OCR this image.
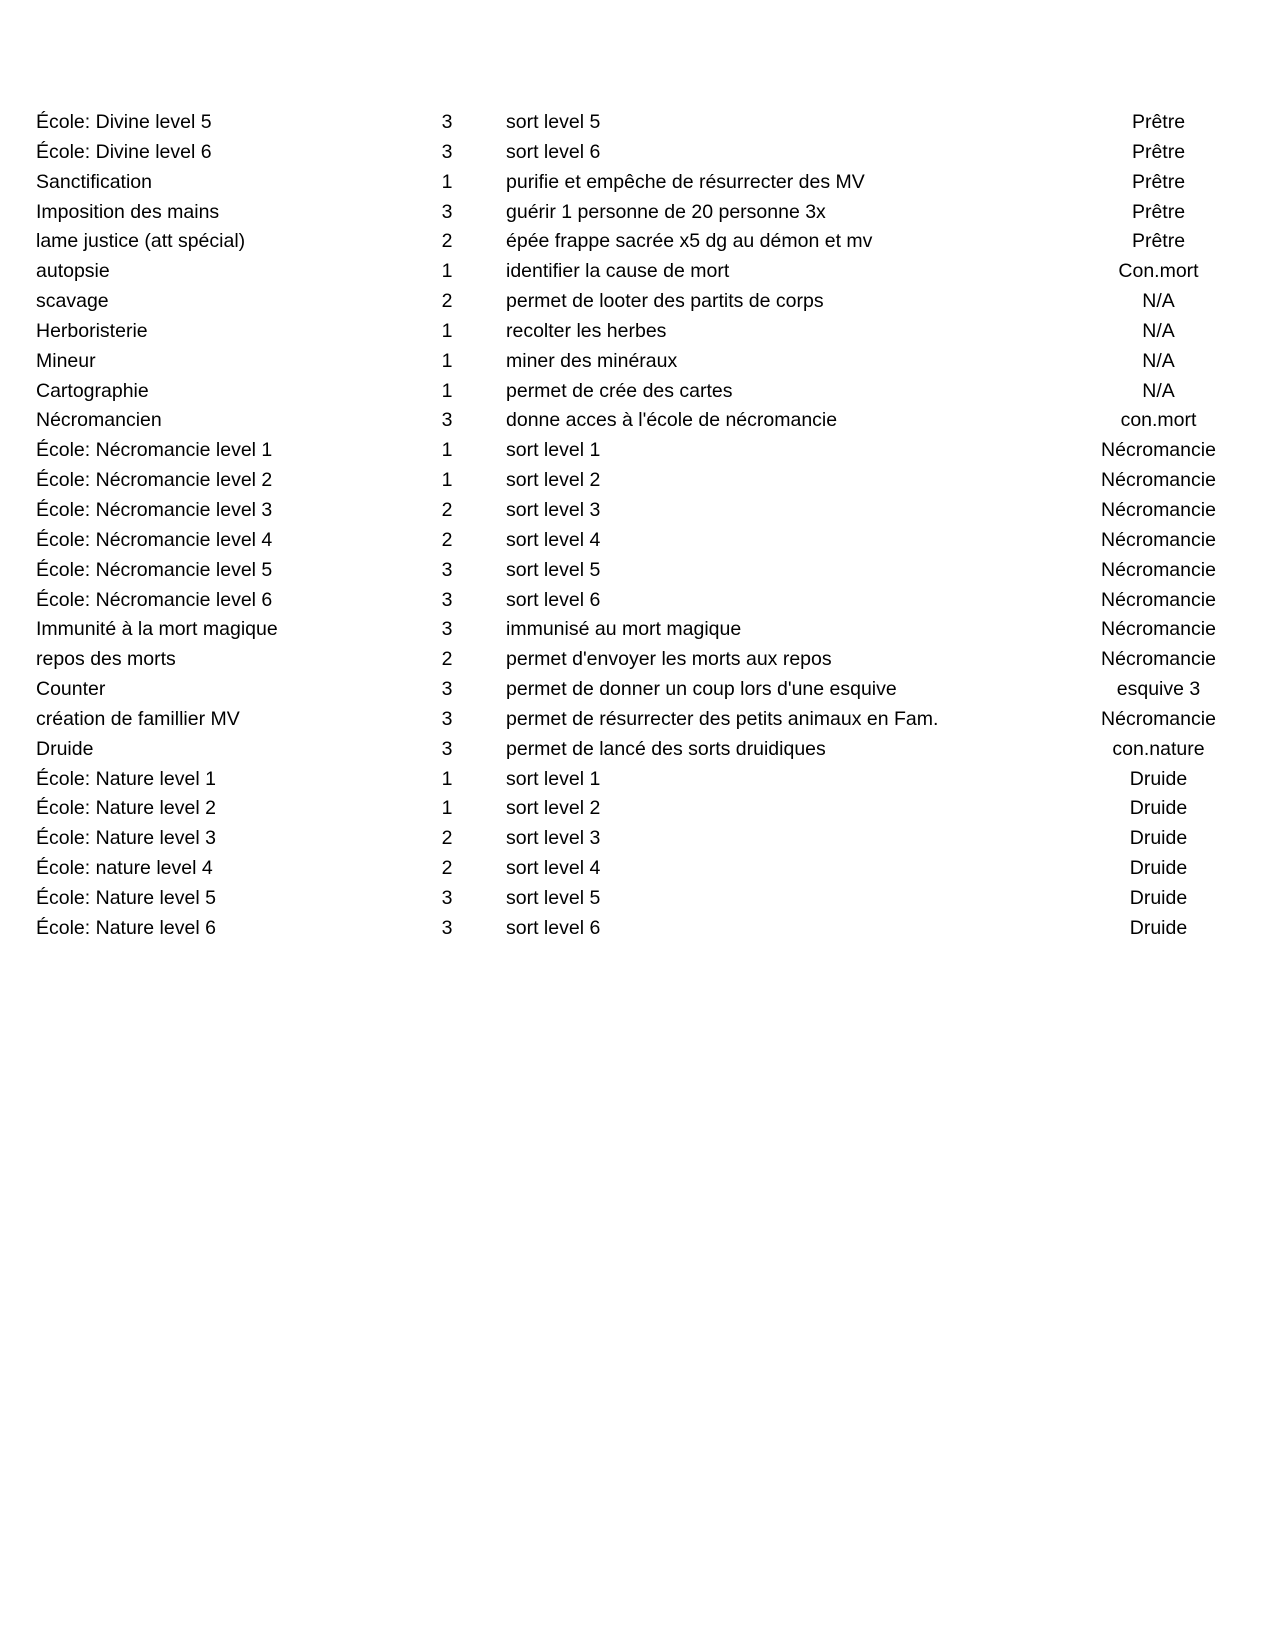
École: Divine level 5	3	sort level 5	Prêtre
École: Divine level 6	3	sort level 6	Prêtre
Sanctification	1	purifie et empêche de résurrecter des MV	Prêtre
Imposition des mains	3	guérir 1 personne de 20 personne 3x	Prêtre
lame justice (att spécial)	2	épée frappe sacrée x5 dg au démon et mv	Prêtre
autopsie	1	identifier la cause de mort	Con.mort
scavage	2	permet de looter des partits de corps	N/A
Herboristerie	1	recolter les herbes	N/A
Mineur	1	miner des minéraux	N/A
Cartographie	1	permet de crée des cartes	N/A
Nécromancien	3	donne acces à l'école de nécromancie	con.mort
École: Nécromancie level 1	1	sort level 1	Nécromancie
École: Nécromancie level 2	1	sort level 2	Nécromancie
École: Nécromancie level 3	2	sort level 3	Nécromancie
École: Nécromancie level 4	2	sort level 4	Nécromancie
École: Nécromancie level 5	3	sort level 5	Nécromancie
École: Nécromancie level 6	3	sort level 6	Nécromancie
Immunité à la mort magique	3	immunisé au mort magique	Nécromancie
repos des morts	2	permet d'envoyer les morts aux repos	Nécromancie
Counter	3	permet de donner un coup lors d'une esquive	esquive 3
création de famillier MV	3	permet de résurrecter des petits animaux en Fam.	Nécromancie
Druide	3	permet de lancé des sorts druidiques	con.nature
École: Nature level 1	1	sort level 1	Druide
École: Nature level 2	1	sort level 2	Druide
École: Nature level 3	2	sort level 3	Druide
École: nature level 4	2	sort level 4	Druide
École: Nature level 5	3	sort level 5	Druide
École: Nature level 6	3	sort level 6	Druide
